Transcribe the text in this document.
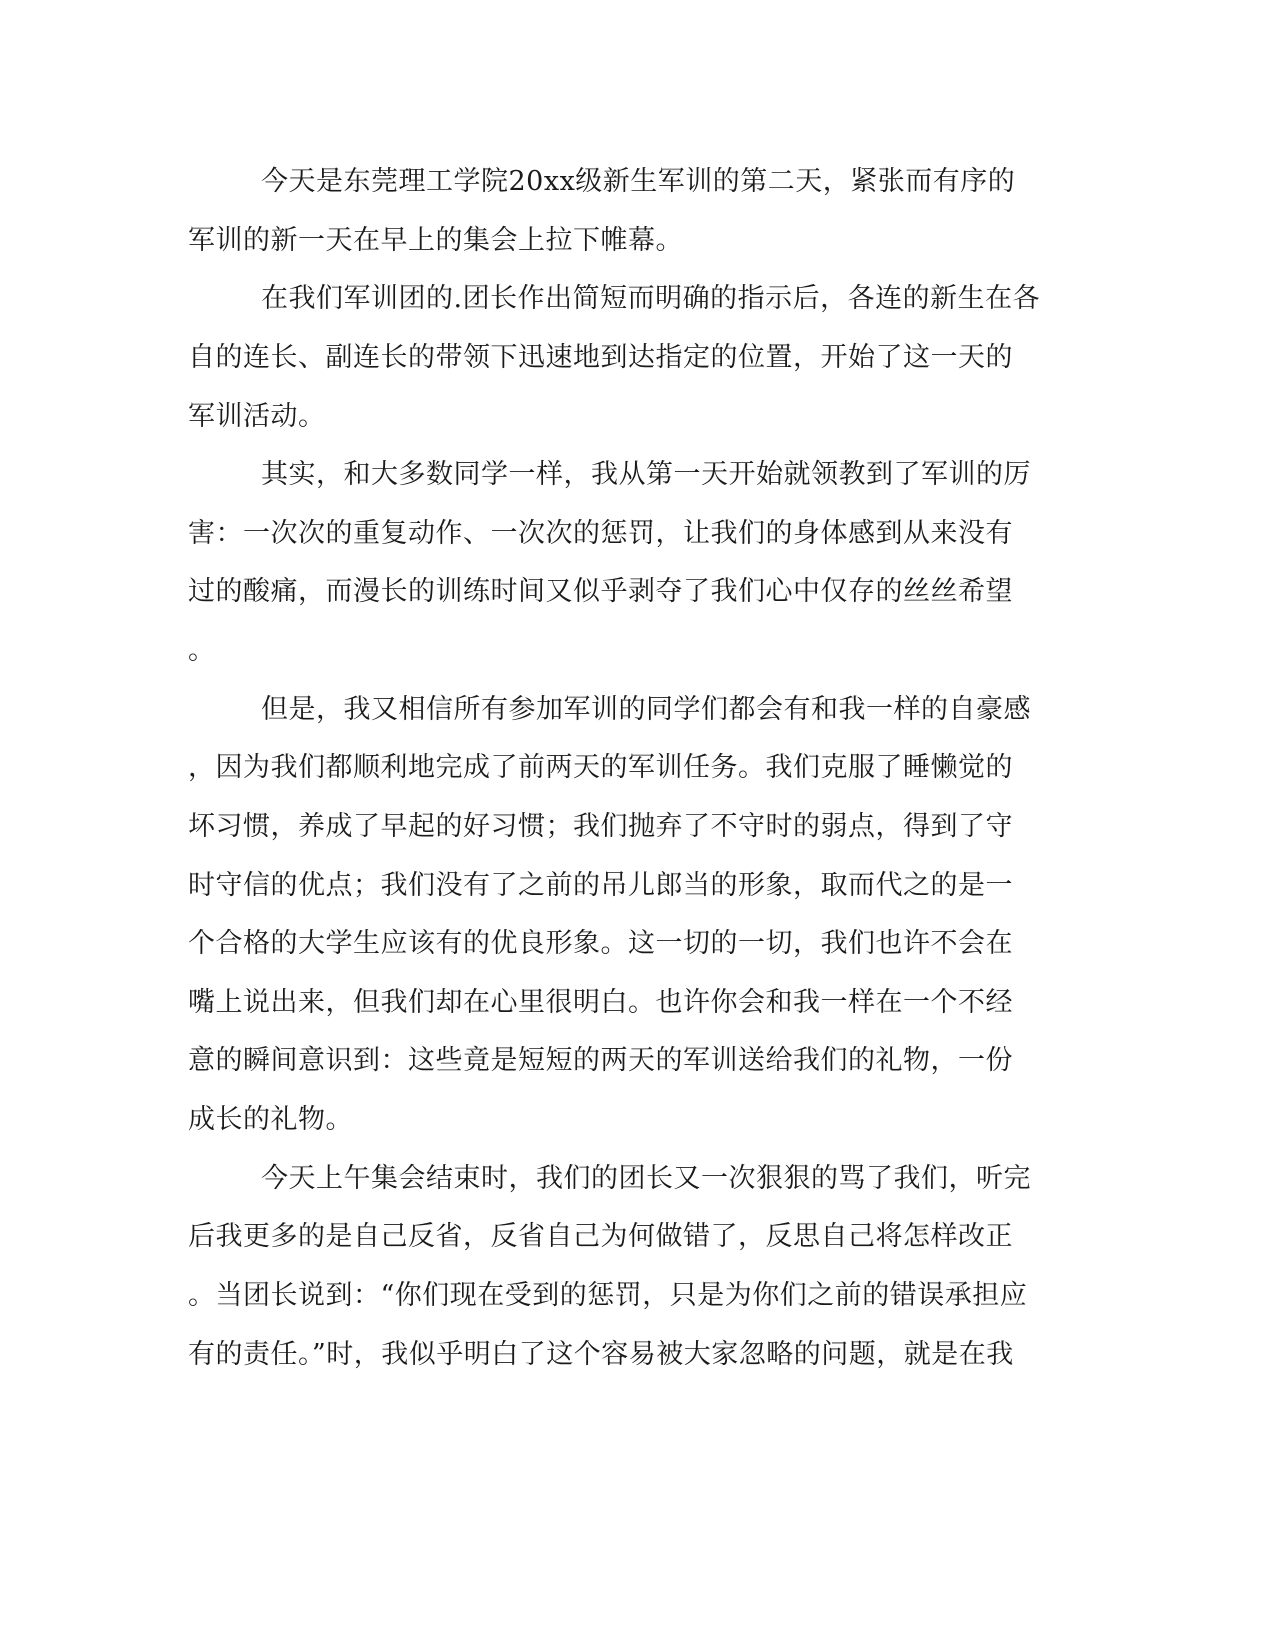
今天是东莞理工学院20xx级新生军训的第二天，紧张而有序的

军训的新一天在早上的集会上拉下帷幕。

在我们军训团的.团长作出简短而明确的指示后，各连的新生在各

自的连长、副连长的带领下迅速地到达指定的位置，开始了这一天的

军训活动。

其实，和大多数同学一样，我从第一天开始就领教到了军训的厉

害：一次次的重复动作、一次次的惩罚，让我们的身体感到从来没有

过的酸痛，而漫长的训练时间又似乎剥夺了我们心中仅存的丝丝希望

。

但是，我又相信所有参加军训的同学们都会有和我一样的自豪感

，因为我们都顺利地完成了前两天的军训任务。我们克服了睡懒觉的

坏习惯，养成了早起的好习惯；我们抛弃了不守时的弱点，得到了守

时守信的优点；我们没有了之前的吊儿郎当的形象，取而代之的是一

个合格的大学生应该有的优良形象。这一切的一切，我们也许不会在

嘴上说出来，但我们却在心里很明白。也许你会和我一样在一个不经

意的瞬间意识到：这些竟是短短的两天的军训送给我们的礼物，一份

成长的礼物。

今天上午集会结束时，我们的团长又一次狠狠的骂了我们，听完

后我更多的是自己反省，反省自己为何做错了，反思自己将怎样改正

。当团长说到：“你们现在受到的惩罚，只是为你们之前的错误承担应

有的责任。”时，我似乎明白了这个容易被大家忽略的问题，就是在我
